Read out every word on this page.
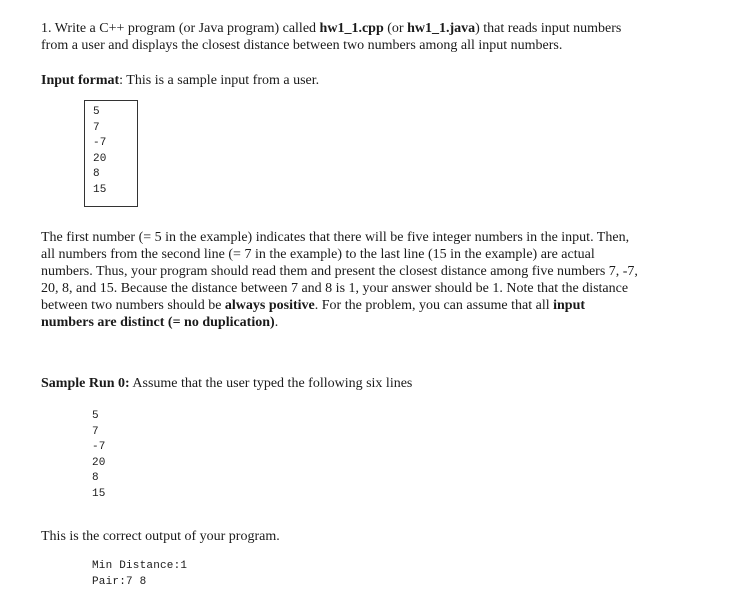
1. Write a C++ program (or Java program) called hw1_1.cpp (or hw1_1.java) that reads input numbers
from a user and displays the closest distance between two numbers among all input numbers.

Input format: This is a sample input from a user.

5
7
-7
20
8
15

The first number (= 5 in the example) indicates that there will be five integer numbers in the input. Then,
all numbers from the second line (= 7 in the example) to the last line (15 in the example) are actual
numbers. Thus, your program should read them and present the closest distance among five numbers 7, -7,
20, 8, and 15. Because the distance between 7 and 8 is 1, your answer should be 1. Note that the distance
between two numbers should be always positive. For the problem, you can assume that all input
numbers are distinct (= no duplication).

Sample Run 0: Assume that the user typed the following six lines

5
7
-7
20
8
15

This is the correct output of your program.

Min Distance:1
Pair:7 8
